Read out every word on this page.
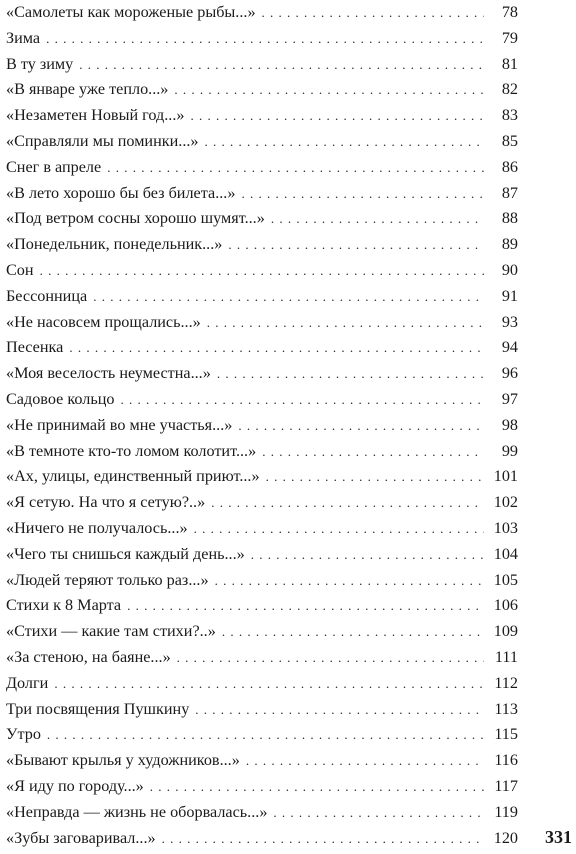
«Самолеты как мороженые рыбы...» . . .	78
Зима . . .	79
В ту зиму . . .	81
«В январе уже тепло...» . . .	82
«Незаметен Новый год...» . . .	83
«Справляли мы поминки...» . . .	85
Снег в апреле . . .	86
«В лето хорошо бы без билета...» . . .	87
«Под ветром сосны хорошо шумят...» . . .	88
«Понедельник, понедельник...» . . .	89
Сон . . .	90
Бессонница . . .	91
«Не насовсем прощались...» . . .	93
Песенка . . .	94
«Моя веселость неуместна...» . . .	96
Садовое кольцо . . .	97
«Не принимай во мне участья...» . . .	98
«В темноте кто-то ломом колотит...» . . .	99
«Ах, улицы, единственный приют...» . . .	101
«Я сетую. На что я сетую?..» . . .	102
«Ничего не получалось...» . . .	103
«Чего ты снишься каждый день...» . . .	104
«Людей теряют только раз...» . . .	105
Стихи к 8 Марта . . .	106
«Стихи — какие там стихи?..» . . .	109
«За стеною, на баяне...» . . .	111
Долги . . .	112
Три посвящения Пушкину . . .	113
Утро . . .	115
«Бывают крылья у художников...» . . .	116
«Я иду по городу...» . . .	117
«Неправда — жизнь не оборвалась...» . . .	119
«Зубы заговаривал...» . . .	120 331
